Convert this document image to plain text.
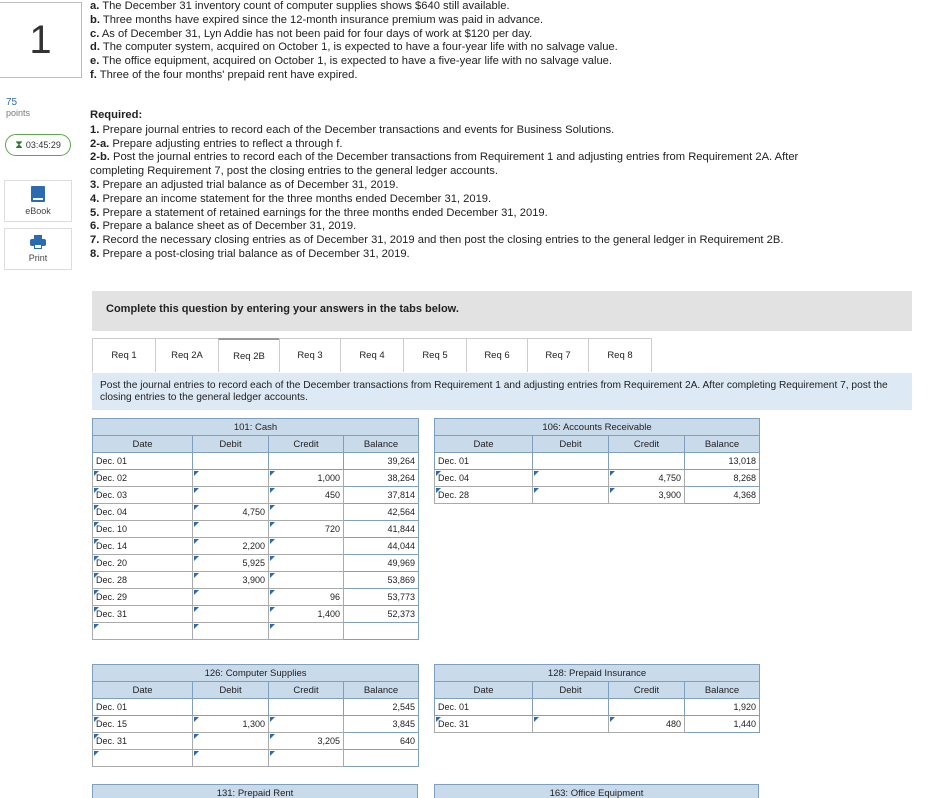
1
75
points
⧗ 03:45:29
eBook
Print
a. The December 31 inventory count of computer supplies shows $640 still available.
b. Three months have expired since the 12-month insurance premium was paid in advance.
c. As of December 31, Lyn Addie has not been paid for four days of work at $120 per day.
d. The computer system, acquired on October 1, is expected to have a four-year life with no salvage value.
e. The office equipment, acquired on October 1, is expected to have a five-year life with no salvage value.
f. Three of the four months' prepaid rent have expired.
Required:
1. Prepare journal entries to record each of the December transactions and events for Business Solutions.
2-a. Prepare adjusting entries to reflect a through f.
2-b. Post the journal entries to record each of the December transactions from Requirement 1 and adjusting entries from Requirement 2A. After completing Requirement 7, post the closing entries to the general ledger accounts.
3. Prepare an adjusted trial balance as of December 31, 2019.
4. Prepare an income statement for the three months ended December 31, 2019.
5. Prepare a statement of retained earnings for the three months ended December 31, 2019.
6. Prepare a balance sheet as of December 31, 2019.
7. Record the necessary closing entries as of December 31, 2019 and then post the closing entries to the general ledger in Requirement 2B.
8. Prepare a post-closing trial balance as of December 31, 2019.
Complete this question by entering your answers in the tabs below.
Req 1	Req 2A	Req 2B	Req 3	Req 4	Req 5	Req 6	Req 7	Req 8
Post the journal entries to record each of the December transactions from Requirement 1 and adjusting entries from Requirement 2A. After completing Requirement 7, post the closing entries to the general ledger accounts.
101: Cash			
Date	Debit	Credit	Balance
Dec. 01			39,264
Dec. 02		1,000	38,264
Dec. 03		450	37,814
Dec. 04	4,750		42,564
Dec. 10		720	41,844
Dec. 14	2,200		44,044
Dec. 20	5,925		49,969
Dec. 28	3,900		53,869
Dec. 29		96	53,773
Dec. 31		1,400	52,373

106: Accounts Receivable			
Date	Debit	Credit	Balance
Dec. 01			13,018
Dec. 04		4,750	8,268
Dec. 28		3,900	4,368

126: Computer Supplies			
Date	Debit	Credit	Balance
Dec. 01			2,545
Dec. 15	1,300		3,845
Dec. 31		3,205	640

128: Prepaid Insurance			
Date	Debit	Credit	Balance
Dec. 01			1,920
Dec. 31		480	1,440
131: Prepaid Rent	163: Office Equipment
